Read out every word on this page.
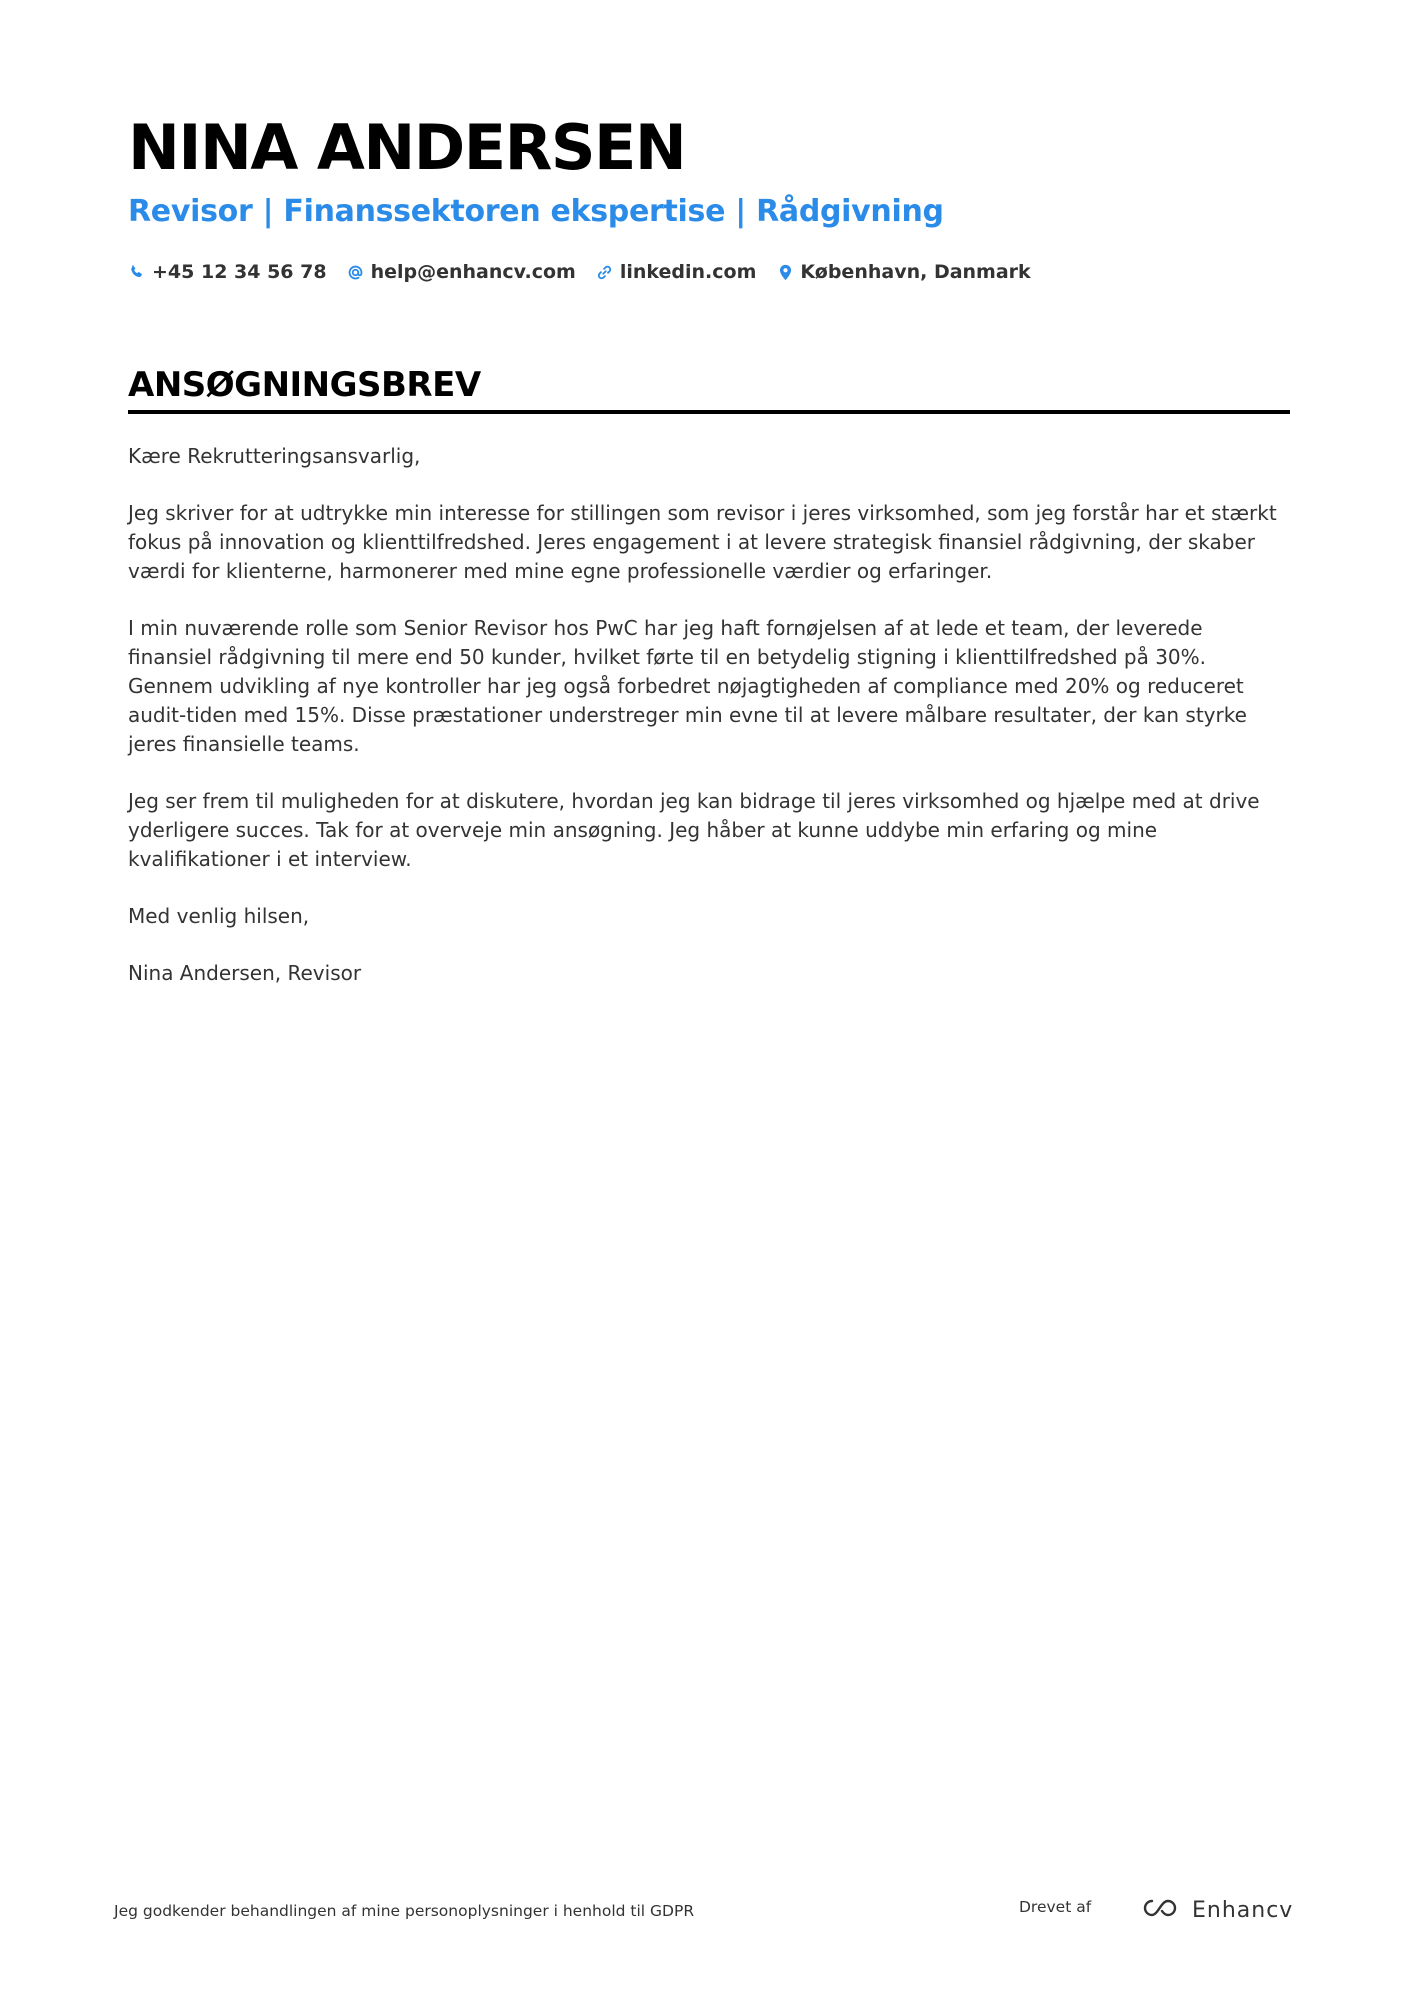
NINA ANDERSEN
Revisor | Finanssektoren ekspertise | Rådgivning
+45 12 34 56 78 help@enhancv.com linkedin.com København, Danmark
ANSØGNINGSBREV

Kære Rekrutteringsansvarlig,

Jeg skriver for at udtrykke min interesse for stillingen som revisor i jeres virksomhed, som jeg forstår har et stærkt fokus på innovation og klienttilfredshed. Jeres engagement i at levere strategisk finansiel rådgivning, der skaber værdi for klienterne, harmonerer med mine egne professionelle værdier og erfaringer.

I min nuværende rolle som Senior Revisor hos PwC har jeg haft fornøjelsen af at lede et team, der leverede finansiel rådgivning til mere end 50 kunder, hvilket førte til en betydelig stigning i klienttilfredshed på 30%. Gennem udvikling af nye kontroller har jeg også forbedret nøjagtigheden af compliance med 20% og reduceret audit-tiden med 15%. Disse præstationer understreger min evne til at levere målbare resultater, der kan styrke jeres finansielle teams.

Jeg ser frem til muligheden for at diskutere, hvordan jeg kan bidrage til jeres virksomhed og hjælpe med at drive yderligere succes. Tak for at overveje min ansøgning. Jeg håber at kunne uddybe min erfaring og mine kvalifikationer i et interview.

Med venlig hilsen,

Nina Andersen, Revisor

Jeg godkender behandlingen af mine personoplysninger i henhold til GDPR	Drevet af	Enhancv
